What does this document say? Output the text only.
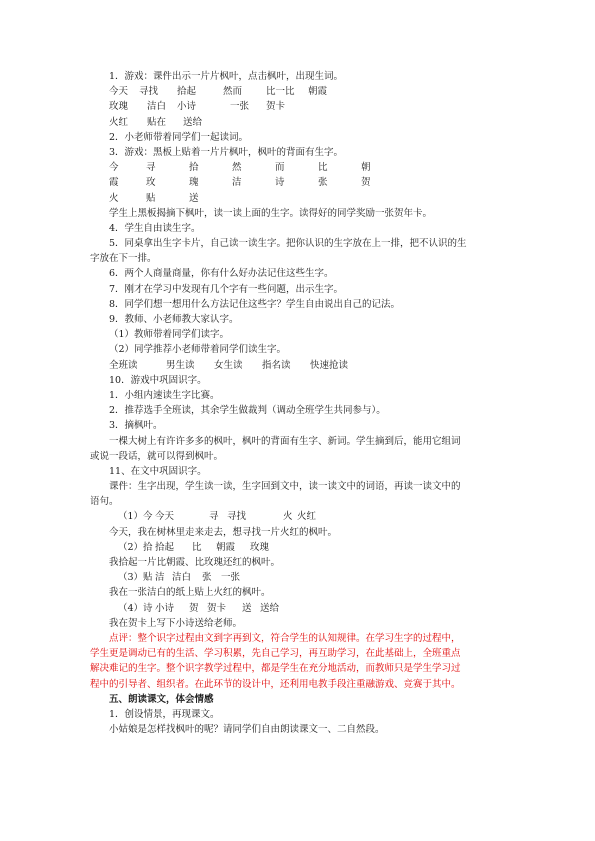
1．游戏：课件出示一片片枫叶，点击枫叶，出现生词。
今天 寻找 拾起	然而	比一比 朝霞
玫瑰 洁白 小诗	一张 贺卡
火红 贴在 送给
2．小老师带着同学们一起读词。
3．游戏：黑板上贴着一片片枫叶，枫叶的背面有生字。
今	寻	拾	然	而	比	朝
霞	玫	瑰	洁	诗	张	贺
火	贴	送
学生上黑板揭摘下枫叶，读一读上面的生字。读得好的同学奖励一张贺年卡。
4．学生自由读生字。
5．同桌拿出生字卡片，自己读一读生字。把你认识的生字放在上一排，把不认识的生
字放在下一排。
6．两个人商量商量，你有什么好办法记住这些生字。
7．刚才在学习中发现有几个字有一些问题，出示生字。
8．同学们想一想用什么方法记住这些字？学生自由说出自己的记法。
9．教师、小老师教大家认字。
（1）教师带着同学们读字。
（2）同学推荐小老师带着同学们读生字。
全班读	男生读 女生读 指名读 快速抢读
10．游戏中巩固识字。
1．小组内速读生字比赛。
2．推荐选手全班读，其余学生做裁判（调动全班学生共同参与）。
3．摘枫叶。
一棵大树上有许许多多的枫叶，枫叶的背面有生字、新词。学生摘到后，能用它组词
或说一段话，就可以得到枫叶。
11、在文中巩固识字。
课件：生字出现，学生读一读，生字回到文中，读一读文中的词语，再读一读文中的
语句。
（1）今 今天	寻 寻找	火 火红
今天，我在树林里走来走去，想寻找一片火红的枫叶。
（2）拾 拾起 比 朝霞 玫瑰
我拾起一片比朝霞、比玫瑰还红的枫叶。
（3）贴 洁 洁白 张 一张
我在一张洁白的纸上贴上火红的枫叶。
（4）诗 小诗 贺 贺卡 送 送给
我在贺卡上写下小诗送给老师。
点评：整个识字过程由文到字再到文，符合学生的认知规律。在学习生字的过程中，
学生更是调动已有的生活、学习积累，先自己学习，再互助学习，在此基础上，全班重点
解决难记的生字。整个识字教学过程中，都是学生在充分地活动，而教师只是学生学习过
程中的引导者、组织者。在此环节的设计中，还利用电教手段注重融游戏、竞赛于其中。
五、朗读课文，体会情感
1．创设情景，再现课文。
小姑娘是怎样找枫叶的呢？请同学们自由朗读课文一、二自然段。
